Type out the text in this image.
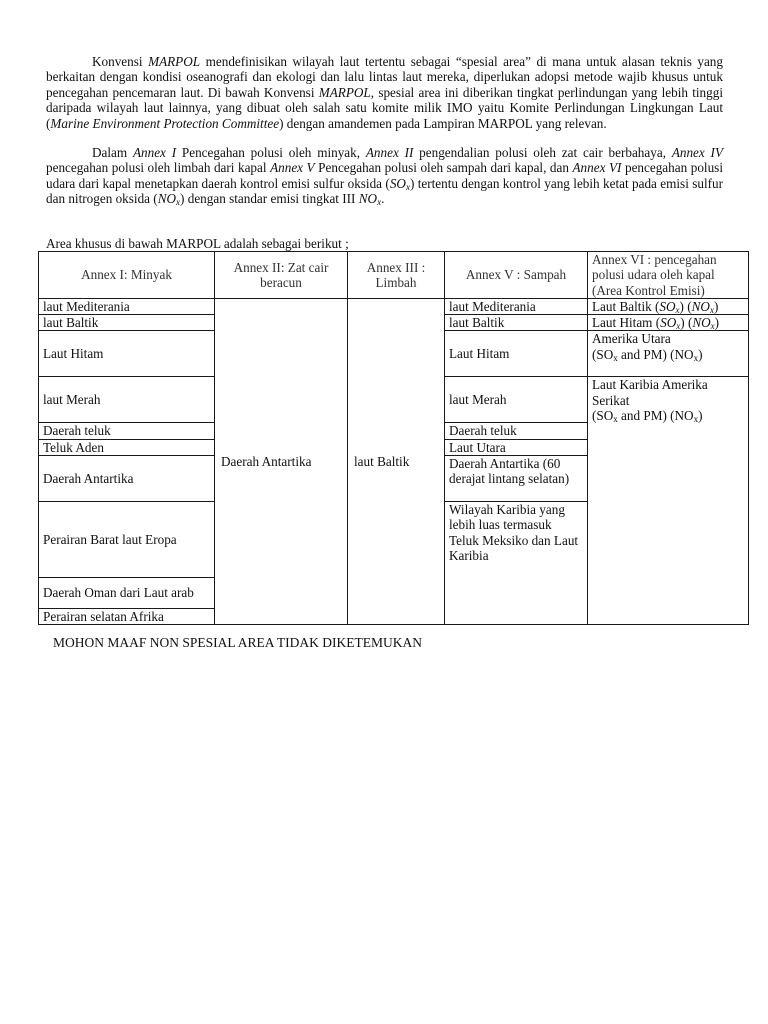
Konvensi MARPOL mendefinisikan wilayah laut tertentu sebagai “spesial area” di mana untuk alasan teknis yang berkaitan dengan kondisi oseanografi dan ekologi dan lalu lintas laut mereka, diperlukan adopsi metode wajib khusus untuk pencegahan pencemaran laut. Di bawah Konvensi MARPOL, spesial area ini diberikan tingkat perlindungan yang lebih tinggi daripada wilayah laut lainnya, yang dibuat oleh salah satu komite milik IMO yaitu Komite Perlindungan Lingkungan Laut (Marine Environment Protection Committee) dengan amandemen pada Lampiran MARPOL yang relevan.

Dalam Annex I Pencegahan polusi oleh minyak, Annex II pengendalian polusi oleh zat cair berbahaya, Annex IV pencegahan polusi oleh limbah dari kapal Annex V Pencegahan polusi oleh sampah dari kapal, dan Annex VI pencegahan polusi udara dari kapal menetapkan daerah kontrol emisi sulfur oksida $(SO_x)$ tertentu dengan kontrol yang lebih ketat pada emisi sulfur dan nitrogen oksida $(NO_x)$ dengan standar emisi tingkat III $NO_x$.

Area khusus di bawah MARPOL adalah sebagai berikut ;

Annex I: Minyak	Annex II: Zat cair beracun	Annex III : Limbah	Annex V : Sampah	Annex VI : pencegahan polusi udara oleh kapal (Area Kontrol Emisi)
laut Mediterania	Daerah Antartika	laut Baltik	laut Mediterania	Laut Baltik $(SO_x)$ $(NO_x)$
laut Baltik			laut Baltik	Laut Hitam $(SO_x)$ $(NO_x)$
Laut Hitam			Laut Hitam	Amerika Utara
($SO_x$ and PM) $(NO_x)$
laut Merah			laut Merah	Laut Karibia Amerika Serikat
($SO_x$ and PM) $(NO_x)$
Daerah teluk			Daerah teluk	
Teluk Aden			Laut Utara	
Daerah Antartika			Daerah Antartika (60 derajat lintang selatan)	
Perairan Barat laut Eropa			Wilayah Karibia yang lebih luas termasuk Teluk Meksiko dan Laut Karibia	
Daerah Oman dari Laut arab				
Perairan selatan Afrika				

MOHON MAAF NON SPESIAL AREA TIDAK DIKETEMUKAN
